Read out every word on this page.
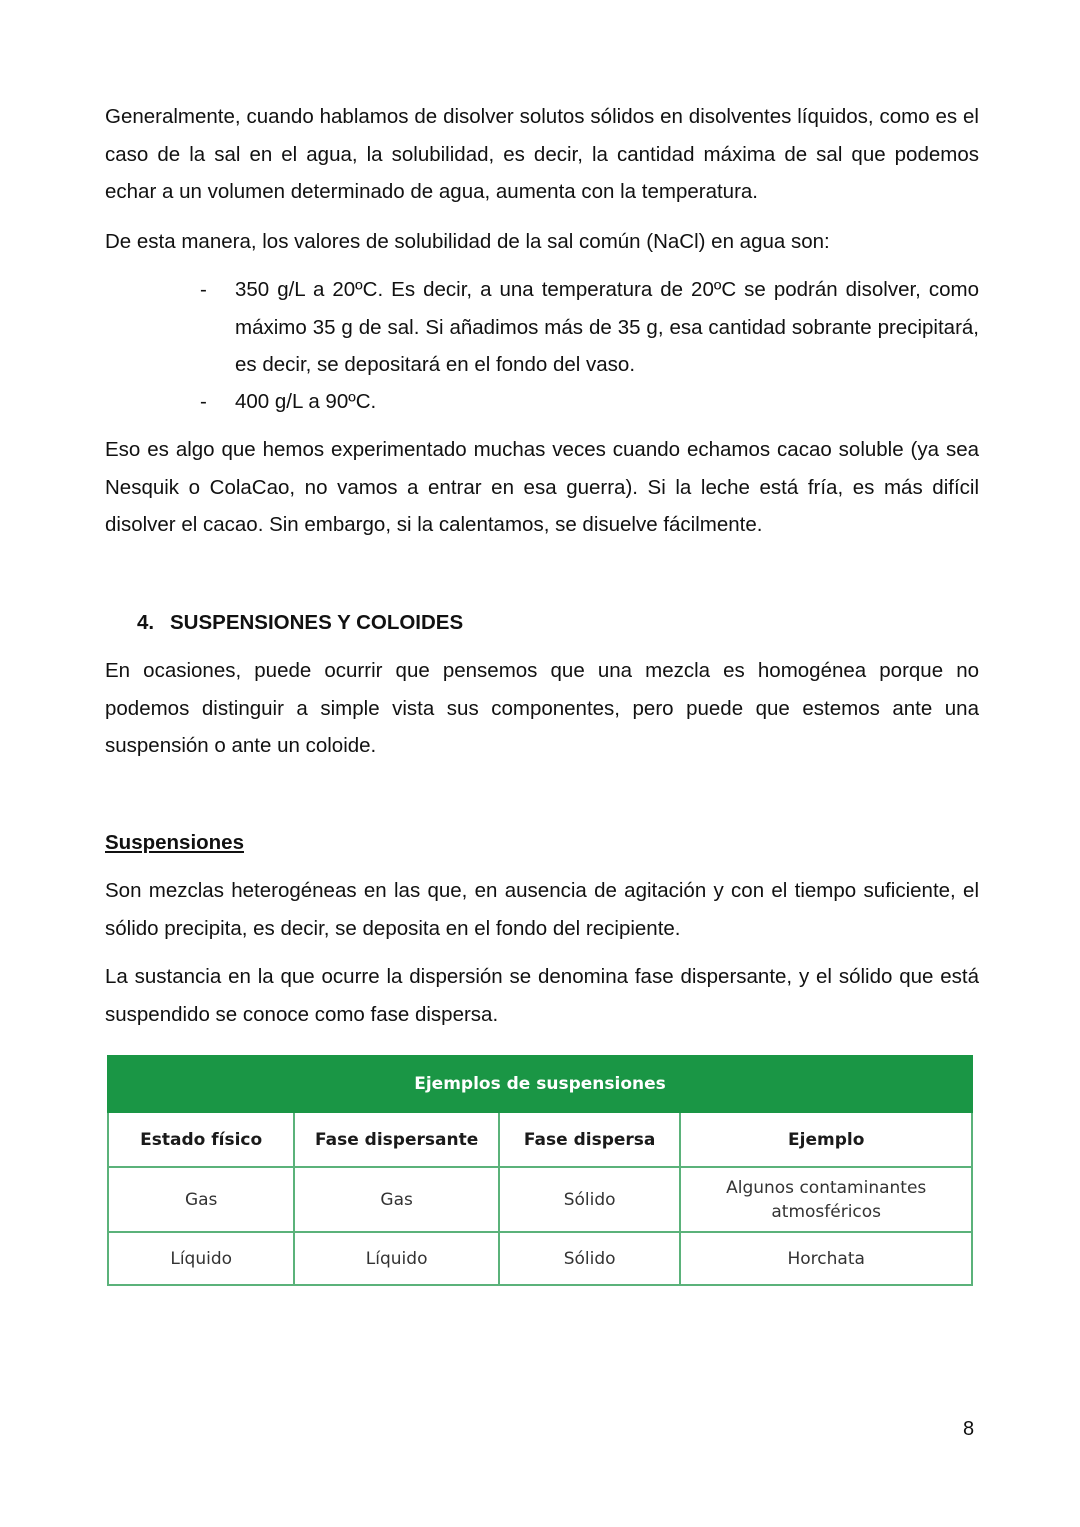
Generalmente, cuando hablamos de disolver solutos sólidos en disolventes líquidos, como es el caso de la sal en el agua, la solubilidad, es decir, la cantidad máxima de sal que podemos echar a un volumen determinado de agua, aumenta con la temperatura.

De esta manera, los valores de solubilidad de la sal común (NaCl) en agua son:

- 350 g/L a 20ºC. Es decir, a una temperatura de 20ºC se podrán disolver, como máximo 35 g de sal. Si añadimos más de 35 g, esa cantidad sobrante precipitará, es decir, se depositará en el fondo del vaso.
- 400 g/L a 90ºC.

Eso es algo que hemos experimentado muchas veces cuando echamos cacao soluble (ya sea Nesquik o ColaCao, no vamos a entrar en esa guerra). Si la leche está fría, es más difícil disolver el cacao. Sin embargo, si la calentamos, se disuelve fácilmente.

4. SUSPENSIONES Y COLOIDES

En ocasiones, puede ocurrir que pensemos que una mezcla es homogénea porque no podemos distinguir a simple vista sus componentes, pero puede que estemos ante una suspensión o ante un coloide.

Suspensiones

Son mezclas heterogéneas en las que, en ausencia de agitación y con el tiempo suficiente, el sólido precipita, es decir, se deposita en el fondo del recipiente.

La sustancia en la que ocurre la dispersión se denomina fase dispersante, y el sólido que está suspendido se conoce como fase dispersa.

Ejemplos de suspensiones			
Estado físico	Fase dispersante	Fase dispersa	Ejemplo
Gas	Gas	Sólido	Algunos contaminantes atmosféricos
Líquido	Líquido	Sólido	Horchata

8
